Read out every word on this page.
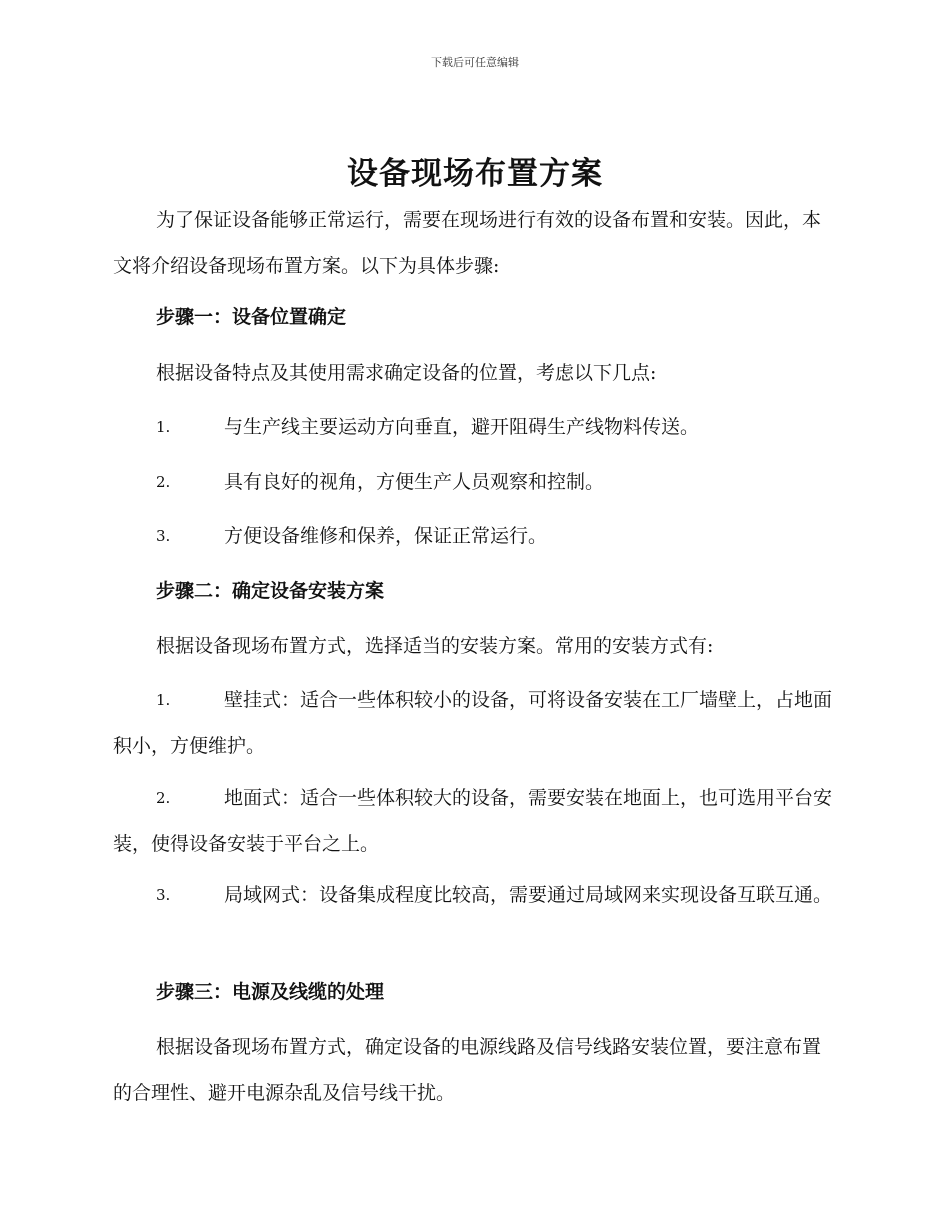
下载后可任意编辑
设备现场布置方案
为了保证设备能够正常运行，需要在现场进行有效的设备布置和安装。因此，本文将介绍设备现场布置方案。以下为具体步骤:
步骤一：设备位置确定
根据设备特点及其使用需求确定设备的位置，考虑以下几点:
1.	与生产线主要运动方向垂直，避开阻碍生产线物料传送。
2.	具有良好的视角，方便生产人员观察和控制。
3.	方便设备维修和保养，保证正常运行。
步骤二：确定设备安装方案
根据设备现场布置方式，选择适当的安装方案。常用的安装方式有:
1.	壁挂式：适合一些体积较小的设备，可将设备安装在工厂墙壁上，占地面积小，方便维护。
2.	地面式：适合一些体积较大的设备，需要安装在地面上，也可选用平台安装，使得设备安装于平台之上。
3.	局域网式：设备集成程度比较高，需要通过局域网来实现设备互联互通。
步骤三：电源及线缆的处理
根据设备现场布置方式，确定设备的电源线路及信号线路安装位置，要注意布置的合理性、避开电源杂乱及信号线干扰。
